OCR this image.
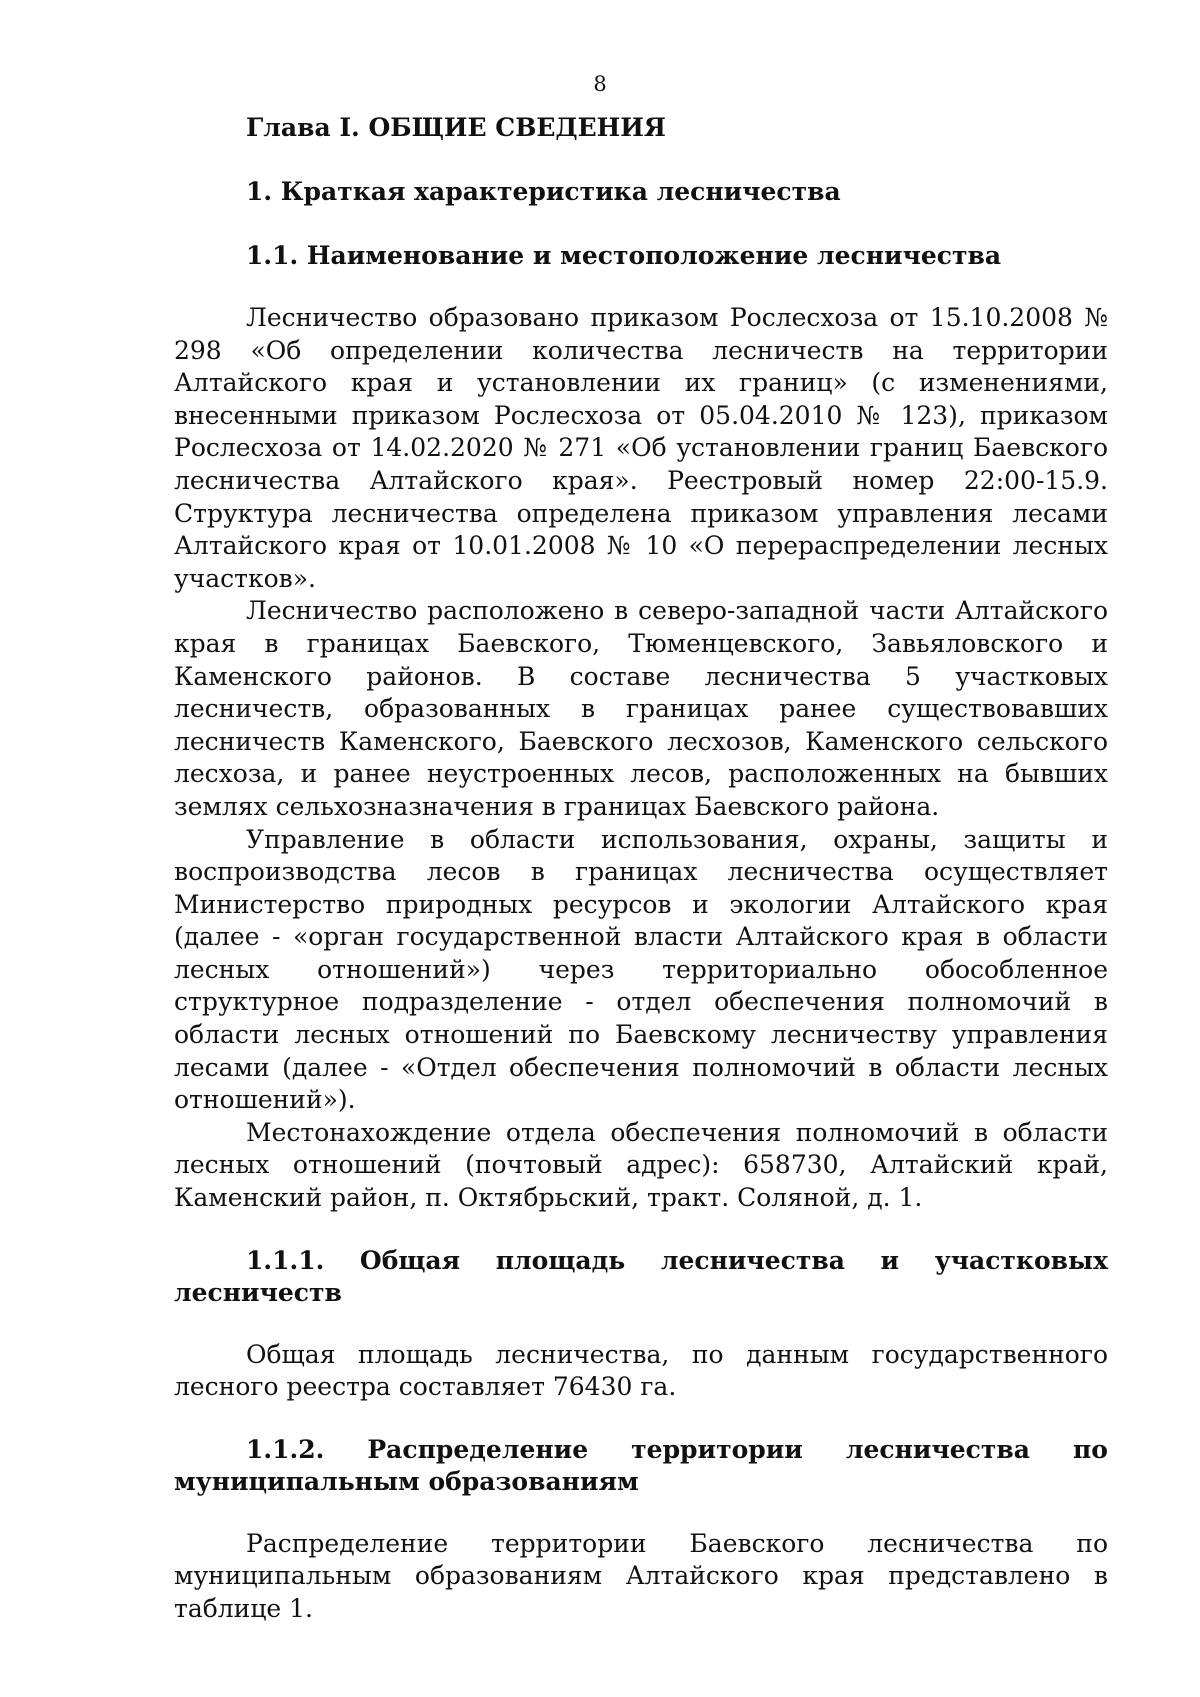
8
Глава I. ОБЩИЕ СВЕДЕНИЯ
1. Краткая характеристика лесничества
1.1. Наименование и местоположение лесничества

Лесничество образовано приказом Рослесхоза от 15.10.2008 № 298 «Об определении количества лесничеств на территории Алтайского края и установлении их границ» (с изменениями, внесенными приказом Рослесхоза от 05.04.2010 № 123), приказом Рослесхоза от 14.02.2020 № 271 «Об установлении границ Баевского лесничества Алтайского края». Реестровый номер 22:00-15.9. Структура лесничества определена приказом управления лесами Алтайского края от 10.01.2008 № 10 «О перераспределении лесных участков».

Лесничество расположено в северо-западной части Алтайского края в границах Баевского, Тюменцевского, Завьяловского и Каменского районов. В составе лесничества 5 участковых лесничеств, образованных в границах ранее существовавших лесничеств Каменского, Баевского лесхозов, Каменского сельского лесхоза, и ранее неустроенных лесов, расположенных на бывших землях сельхозназначения в границах Баевского района.

Управление в области использования, охраны, защиты и воспроизводства лесов в границах лесничества осуществляет Министерство природных ресурсов и экологии Алтайского края (далее - «орган государственной власти Алтайского края в области лесных отношений») через территориально обособленное структурное подразделение - отдел обеспечения полномочий в области лесных отношений по Баевскому лесничеству управления лесами (далее - «Отдел обеспечения полномочий в области лесных отношений»).

Местонахождение отдела обеспечения полномочий в области лесных отношений (почтовый адрес): 658730, Алтайский край, Каменский район, п. Октябрьский, тракт. Соляной, д. 1.

1.1.1. Общая площадь лесничества и участковых лесничеств

Общая площадь лесничества, по данным государственного лесного реестра составляет 76430 га.

1.1.2. Распределение территории лесничества по муниципальным образованиям

Распределение территории Баевского лесничества по муниципальным образованиям Алтайского края представлено в таблице 1.
